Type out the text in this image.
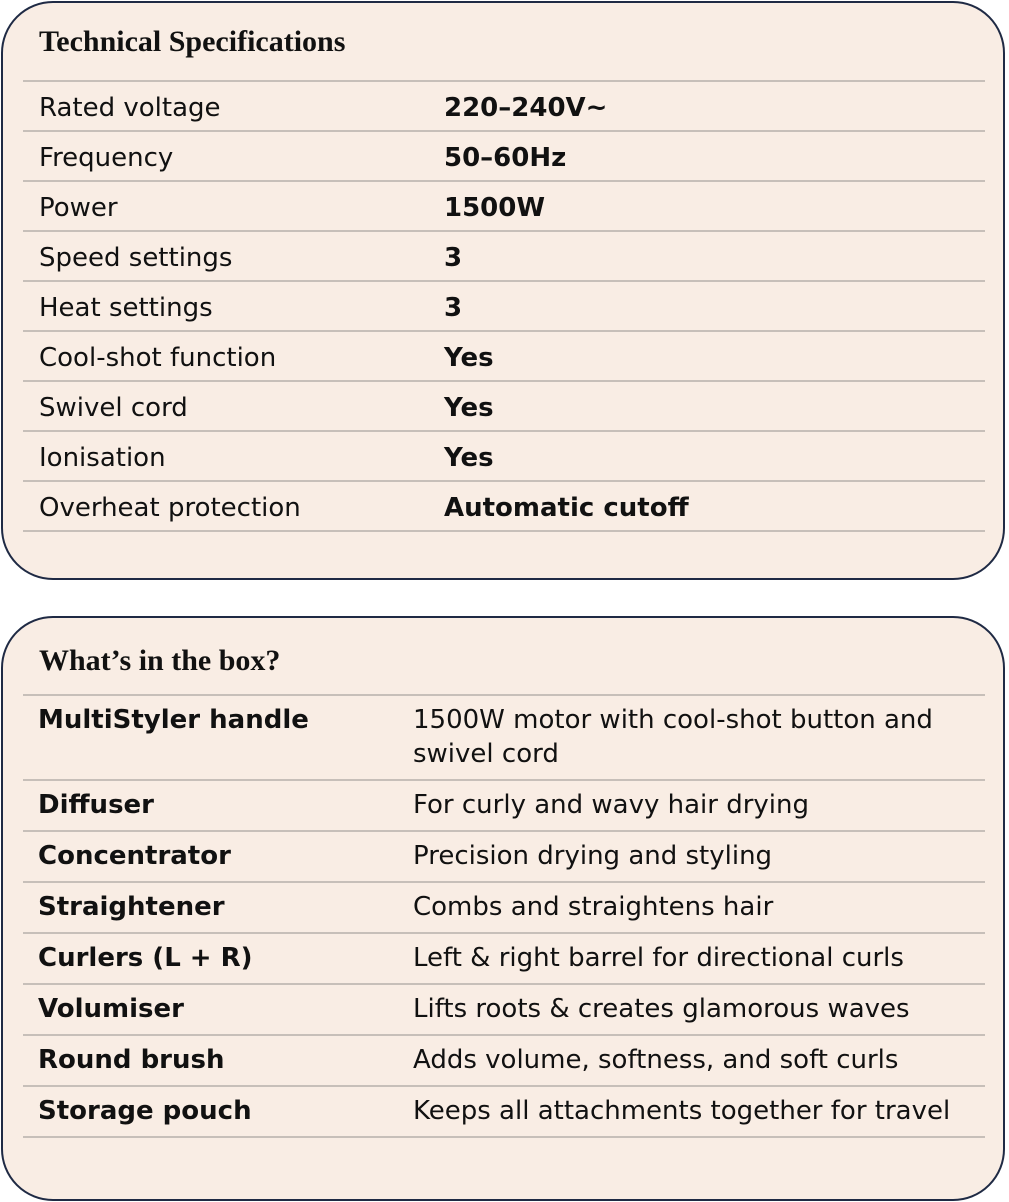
Technical Specifications
Rated voltage	220–240V~
Frequency	50–60Hz
Power	1500W
Speed settings	3
Heat settings	3
Cool-shot function	Yes
Swivel cord	Yes
Ionisation	Yes
Overheat protection	Automatic cutoff
What’s in the box?
MultiStyler handle	1500W motor with cool-shot button and swivel cord
Diffuser	For curly and wavy hair drying
Concentrator	Precision drying and styling
Straightener	Combs and straightens hair
Curlers (L + R)	Left & right barrel for directional curls
Volumiser	Lifts roots & creates glamorous waves
Round brush	Adds volume, softness, and soft curls
Storage pouch	Keeps all attachments together for travel
